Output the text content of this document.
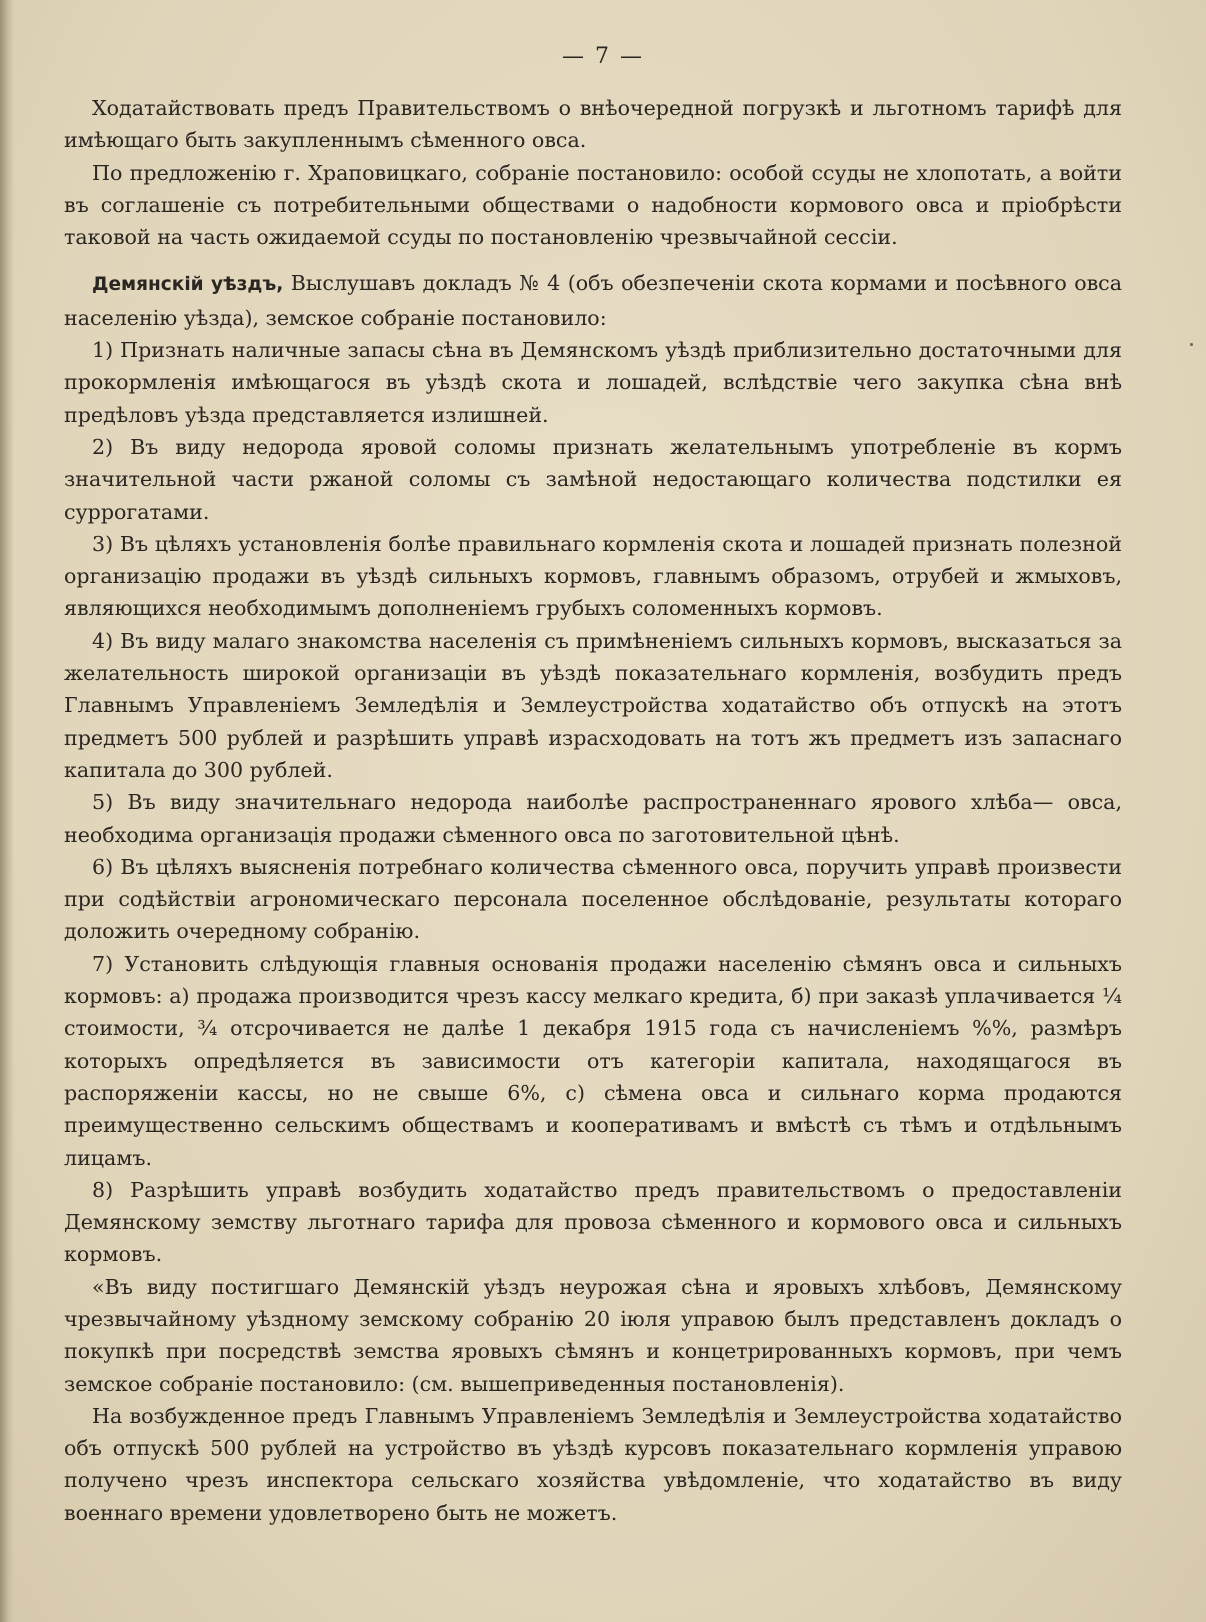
— 7 —

Ходатайствовать предъ Правительствомъ о внѣочередной погрузкѣ и льготномъ тарифѣ для имѣющаго быть закупленнымъ сѣменного овса.

По предложенію г. Храповицкаго, собраніе постановило: особой ссуды не хлопотать, а войти въ соглашеніе съ потребительными обществами о надобности кормового овса и пріобрѣсти таковой на часть ожидаемой ссуды по постановленію чрезвычайной сессіи.

Демянскій уѣздъ, Выслушавъ докладъ № 4 (объ обезпеченіи скота кормами и посѣвного овса населенію уѣзда), земское собраніе постановило:

1) Признать наличные запасы сѣна въ Демянскомъ уѣздѣ приблизительно достаточными для прокормленія имѣющагося въ уѣздѣ скота и лошадей, вслѣдствіе чего закупка сѣна внѣ предѣловъ уѣзда представляется излишней.

2) Въ виду недорода яровой соломы признать желательнымъ употребленіе въ кормъ значительной части ржаной соломы съ замѣной недостающаго количества подстилки ея суррогатами.

3) Въ цѣляхъ установленія болѣе правильнаго кормленія скота и лошадей признать полезной организацію продажи въ уѣздѣ сильныхъ кормовъ, главнымъ образомъ, отрубей и жмыховъ, являющихся необходимымъ дополненіемъ грубыхъ соломенныхъ кормовъ.

4) Въ виду малаго знакомства населенія съ примѣненіемъ сильныхъ кормовъ, высказаться за желательность широкой организаціи въ уѣздѣ показательнаго кормленія, возбудить предъ Главнымъ Управленіемъ Земледѣлія и Землеустройства ходатайство объ отпускѣ на этотъ предметъ 500 рублей и разрѣшить управѣ израсходовать на тотъ жъ предметъ изъ запаснаго капитала до 300 рублей.

5) Въ виду значительнаго недорода наиболѣе распространеннаго ярового хлѣба— овса, необходима организація продажи сѣменного овса по заготовительной цѣнѣ.

6) Въ цѣляхъ выясненія потребнаго количества сѣменного овса, поручить управѣ произвести при содѣйствіи агрономическаго персонала поселенное обслѣдованіе, результаты котораго доложить очередному собранію.

7) Установить слѣдующія главныя основанія продажи населенію сѣмянъ овса и сильныхъ кормовъ: а) продажа производится чрезъ кассу мелкаго кредита, б) при заказѣ уплачивается ¼ стоимости, ¾ отсрочивается не далѣе 1 декабря 1915 года съ начисленіемъ %%, размѣръ которыхъ опредѣляется въ зависимости отъ категоріи капитала, находящагося въ распоряженіи кассы, но не свыше 6%, с) сѣмена овса и сильнаго корма продаются преимущественно сельскимъ обществамъ и кооперативамъ и вмѣстѣ съ тѣмъ и отдѣльнымъ лицамъ.

8) Разрѣшить управѣ возбудить ходатайство предъ правительствомъ о предоставленіи Демянскому земству льготнаго тарифа для провоза сѣменного и кормового овса и сильныхъ кормовъ.

«Въ виду постигшаго Демянскій уѣздъ неурожая сѣна и яровыхъ хлѣбовъ, Демянскому чрезвычайному уѣздному земскому собранію 20 іюля управою былъ представленъ докладъ о покупкѣ при посредствѣ земства яровыхъ сѣмянъ и концетрированныхъ кормовъ, при чемъ земское собраніе постановило: (см. вышеприведенныя постановленія).

На возбужденное предъ Главнымъ Управленіемъ Земледѣлія и Землеустройства ходатайство объ отпускѣ 500 рублей на устройство въ уѣздѣ курсовъ показательнаго кормленія управою получено чрезъ инспектора сельскаго хозяйства увѣдомленіе, что ходатайство въ виду военнаго времени удовлетворено быть не можетъ.
